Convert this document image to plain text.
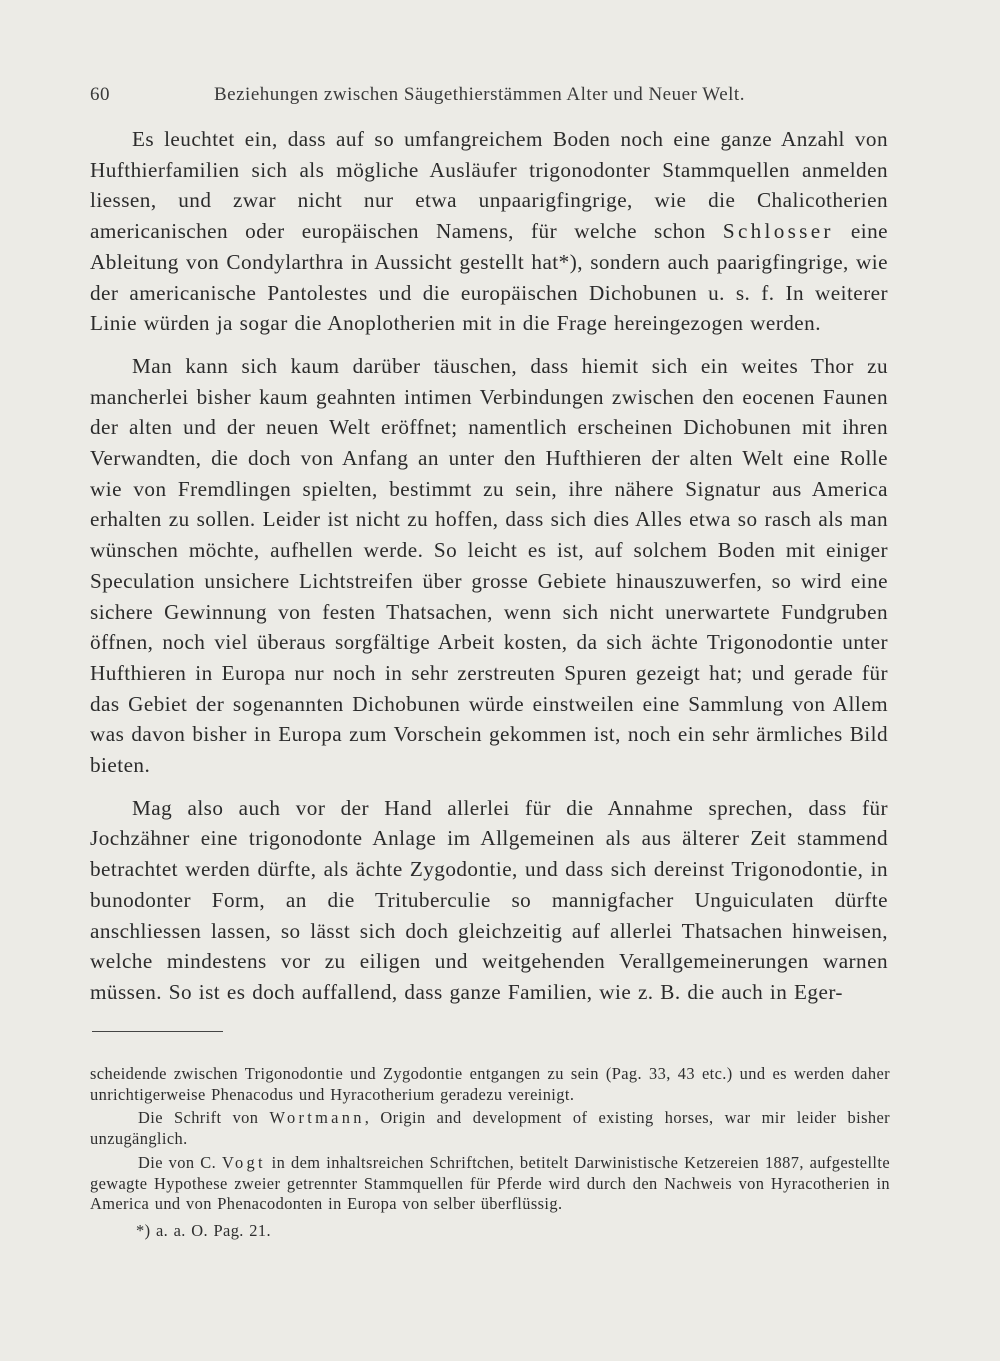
60	Beziehungen zwischen Säugethierstämmen Alter und Neuer Welt.

Es leuchtet ein, dass auf so umfangreichem Boden noch eine ganze Anzahl von Hufthierfamilien sich als mögliche Ausläufer trigonodonter Stammquellen anmelden liessen, und zwar nicht nur etwa unpaarigfingrige, wie die Chalicotherien americanischen oder europäischen Namens, für welche schon Schlosser eine Ableitung von Condylarthra in Aussicht gestellt hat*), sondern auch paarigfingrige, wie der americanische Pantolestes und die europäischen Dichobunen u. s. f. In weiterer Linie würden ja sogar die Anoplotherien mit in die Frage hereingezogen werden.

Man kann sich kaum darüber täuschen, dass hiemit sich ein weites Thor zu mancherlei bisher kaum geahnten intimen Verbindungen zwischen den eocenen Faunen der alten und der neuen Welt eröffnet; namentlich erscheinen Dichobunen mit ihren Verwandten, die doch von Anfang an unter den Hufthieren der alten Welt eine Rolle wie von Fremdlingen spielten, bestimmt zu sein, ihre nähere Signatur aus America erhalten zu sollen. Leider ist nicht zu hoffen, dass sich dies Alles etwa so rasch als man wünschen möchte, aufhellen werde. So leicht es ist, auf solchem Boden mit einiger Speculation unsichere Lichtstreifen über grosse Gebiete hinauszuwerfen, so wird eine sichere Gewinnung von festen Thatsachen, wenn sich nicht unerwartete Fundgruben öffnen, noch viel überaus sorgfältige Arbeit kosten, da sich ächte Trigonodontie unter Hufthieren in Europa nur noch in sehr zerstreuten Spuren gezeigt hat; und gerade für das Gebiet der sogenannten Dichobunen würde einstweilen eine Sammlung von Allem was davon bisher in Europa zum Vorschein gekommen ist, noch ein sehr ärmliches Bild bieten.

Mag also auch vor der Hand allerlei für die Annahme sprechen, dass für Jochzähner eine trigonodonte Anlage im Allgemeinen als aus älterer Zeit stammend betrachtet werden dürfte, als ächte Zygodontie, und dass sich dereinst Trigonodontie, in bunodonter Form, an die Trituberculie so mannigfacher Unguiculaten dürfte anschliessen lassen, so lässt sich doch gleichzeitig auf allerlei Thatsachen hinweisen, welche mindestens vor zu eiligen und weitgehenden Verallgemeinerungen warnen müssen. So ist es doch auffallend, dass ganze Familien, wie z. B. die auch in Eger-

scheidende zwischen Trigonodontie und Zygodontie entgangen zu sein (Pag. 33, 43 etc.) und es werden daher unrichtigerweise Phenacodus und Hyracotherium geradezu vereinigt.

Die Schrift von Wortmann, Origin and development of existing horses, war mir leider bisher unzugänglich.

Die von C. Vogt in dem inhaltsreichen Schriftchen, betitelt Darwinistische Ketzereien 1887, aufgestellte gewagte Hypothese zweier getrennter Stammquellen für Pferde wird durch den Nachweis von Hyracotherien in America und von Phenacodonten in Europa von selber überflüssig.

*) a. a. O. Pag. 21.
